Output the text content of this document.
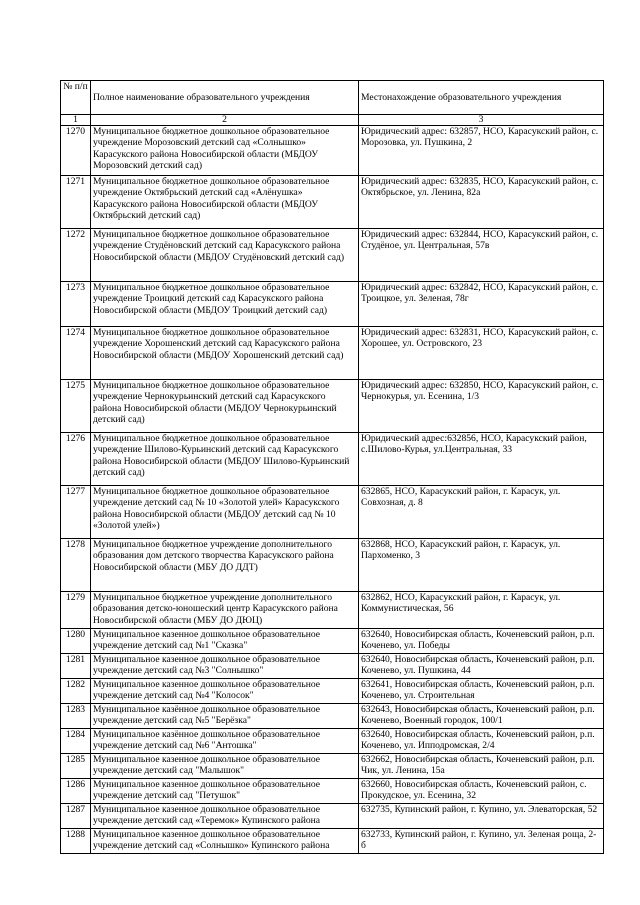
№ п/п	Полное наименование образовательного учреждения	Местонахождение образовательного учреждения
1	2	3
1270	Муниципальное бюджетное дошкольное образовательное учреждение Морозовский детский сад «Солнышко» Карасукского района Новосибирской области (МБДОУ Морозовский детский сад)	Юридический адрес: 632857, НСО, Карасукский район, с. Морозовка, ул. Пушкина, 2
1271	Муниципальное бюджетное дошкольное образовательное учреждение Октябрьский детский сад «Алёнушка» Карасукского района Новосибирской области (МБДОУ Октябрьский детский сад)	Юридический адрес: 632835, НСО, Карасукский район, с. Октябрьское, ул. Ленина, 82а
1272	Муниципальное бюджетное дошкольное образовательное учреждение Студёновский детский сад Карасукского района Новосибирской области (МБДОУ Студёновский детский сад)	Юридический адрес: 632844, НСО, Карасукский район, с. Студёное, ул. Центральная, 57в
1273	Муниципальное бюджетное дошкольное образовательное учреждение Троицкий детский сад Карасукского района Новосибирской области (МБДОУ Троицкий детский сад)	Юридический адрес: 632842, НСО, Карасукский район, с. Троицкое, ул. Зеленая, 78г
1274	Муниципальное бюджетное дошкольное образовательное учреждение Хорошенский детский сад Карасукского района Новосибирской области (МБДОУ Хорошенский детский сад)	Юридический адрес: 632831, НСО, Карасукский район, с. Хорошее, ул. Островского, 23
1275	Муниципальное бюджетное дошкольное образовательное учреждение Чернокурьинский детский сад Карасукского района Новосибирской области (МБДОУ Чернокурьинский детский сад)	Юридический адрес: 632850, НСО, Карасукский район, с. Чернокурья, ул. Есенина, 1/3
1276	Муниципальное бюджетное дошкольное образовательное учреждение Шилово-Курьинский детский сад Карасукского района Новосибирской области (МБДОУ Шилово-Курьинский детский сад)	Юридический адрес:632856, НСО, Карасукский район, с.Шилово-Курья, ул.Центральная, 33
1277	Муниципальное бюджетное дошкольное образовательное учреждение детский сад № 10 «Золотой улей» Карасукского района Новосибирской области (МБДОУ детский сад № 10 «Золотой улей»)	632865, НСО, Карасукский район, г. Карасук, ул. Совхозная, д. 8
1278	Муниципальное бюджетное учреждение дополнительного образования дом детского творчества Карасукского района Новосибирской области (МБУ ДО ДДТ)	632868, НСО, Карасукский район, г. Карасук, ул. Пархоменко, 3
1279	Муниципальное бюджетное учреждение дополнительного образования детско-юношеский центр Карасукского района Новосибирской области (МБУ ДО ДЮЦ)	632862, НСО, Карасукский район, г. Карасук, ул. Коммунистическая, 56
1280	Муниципальное казенное дошкольное образовательное учреждение детский сад №1 "Сказка"	632640, Новосибирская область, Коченевский район, р.п. Коченево, ул. Победы
1281	Муниципальное казенное дошкольное образовательное учреждение детский сад №3 "Солнышко"	632640, Новосибирская область, Коченевский район, р.п. Коченево, ул. Пушкина, 44
1282	Муниципальное казенное дошкольное образовательное учреждение детский сад №4 "Колосок"	632641, Новосибирская область, Коченевский район, р.п. Коченево, ул. Строительная
1283	Муниципальное казённое дошкольное образовательное учреждение детский сад №5 "Берёзка"	632643, Новосибирская область, Коченевский район, р.п. Коченево, Военный городок, 100/1
1284	Муниципальное казённое дошкольное образовательное учреждение детский сад №6 "Антошка"	632640, Новосибирская область, Коченевский район, р.п. Коченево, ул. Ипподромская, 2/4
1285	Муниципальное казенное дошкольное образовательное учреждение детский сад "Малышок"	632662, Новосибирская область, Коченевский район, р.п. Чик, ул. Ленина, 15а
1286	Муниципальное казенное дошкольное образовательное учреждение детский сад "Петушок"	632660, Новосибирская область, Коченевский район, с. Прокудское, ул. Есенина, 32
1287	Муниципальное казенное дошкольное образовательное учреждение детский сад «Теремок» Купинского района	632735, Купинский район, г. Купино, ул. Элеваторская, 52
1288	Муниципальное казенное дошкольное образовательное учреждение детский сад «Солнышко» Купинского района	632733, Купинский район, г. Купино, ул. Зеленая роща, 2-б
